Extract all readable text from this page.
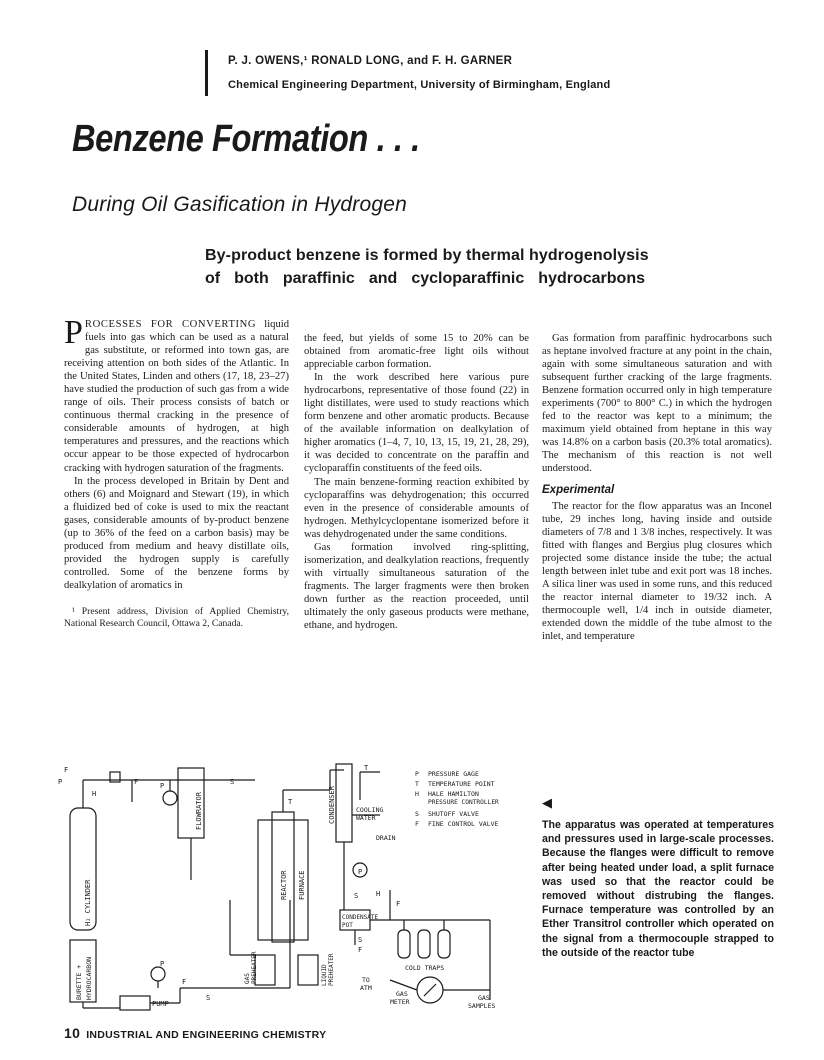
P. J. OWENS,¹ RONALD LONG, and F. H. GARNER
Chemical Engineering Department, University of Birmingham, England
Benzene Formation . . .
During Oil Gasification in Hydrogen
By-product benzene is formed by thermal hydrogenolysis
of both paraffinic and cycloparaffinic hydrocarbons

PROCESSES FOR CONVERTING liquid fuels into gas which can be used as a natural gas substitute, or reformed into town gas, are receiving attention on both sides of the Atlantic. In the United States, Linden and others (17, 18, 23–27) have studied the production of such gas from a wide range of oils. Their process consists of batch or continuous thermal cracking in the presence of considerable amounts of hydrogen, at high temperatures and pressures, and the reactions which occur appear to be those expected of hydrocarbon cracking with hydrogen saturation of the fragments.

In the process developed in Britain by Dent and others (6) and Moignard and Stewart (19), in which a fluidized bed of coke is used to mix the reactant gases, considerable amounts of by-product benzene (up to 36% of the feed on a carbon basis) may be produced from medium and heavy distillate oils, provided the hydrogen supply is carefully controlled. Some of the benzene forms by dealkylation of aromatics in

¹ Present address, Division of Applied Chemistry, National Research Council, Ottawa 2, Canada.

the feed, but yields of some 15 to 20% can be obtained from aromatic-free light oils without appreciable carbon formation.

In the work described here various pure hydrocarbons, representative of those found (22) in light distillates, were used to study reactions which form benzene and other aromatic products. Because of the available information on dealkylation of higher aromatics (1–4, 7, 10, 13, 15, 19, 21, 28, 29), it was decided to concentrate on the paraffin and cycloparaffin constituents of the feed oils.

The main benzene-forming reaction exhibited by cycloparaffins was dehydrogenation; this occurred even in the presence of considerable amounts of hydrogen. Methylcyclopentane isomerized before it was dehydrogenated under the same conditions.

Gas formation involved ring-splitting, isomerization, and dealkylation reactions, frequently with virtually simultaneous saturation of the fragments. The larger fragments were then broken down further as the reaction proceeded, until ultimately the only gaseous products were methane, ethane, and hydrogen.

Gas formation from paraffinic hydrocarbons such as heptane involved fracture at any point in the chain, again with some simultaneous saturation and with subsequent further cracking of the large fragments. Benzene formation occurred only in high temperature experiments (700° to 800° C.) in which the hydrogen fed to the reactor was kept to a minimum; the maximum yield obtained from heptane in this way was 14.8% on a carbon basis (20.3% total aromatics). The mechanism of this reaction is not well understood.

Experimental

The reactor for the flow apparatus was an Inconel tube, 29 inches long, having inside and outside diameters of 7/8 and 1 3/8 inches, respectively. It was fitted with flanges and Bergius plug closures which projected some distance inside the tube; the actual length between inlet tube and exit port was 18 inches. A silica liner was used in some runs, and this reduced the reactor internal diameter to 19/32 inch. A thermocouple well, 1/4 inch in outside diameter, extended down the middle of the tube almost to the inlet, and temperature

F
P
H
F	P	S
FLOWRATOR
H₂ CYLINDER
BURETTE + HYDROCARBON
PUMP
P
F
S
REACTOR FURNACE
GAS PREHEATER	LIQUID PREHEATER
T	CONDENSER
T
COOLING
WATER
DRAIN
P
H
F
S
CONDENSATE
POT
S
F
COLD TRAPS
TO
ATM
GAS
METER	GAS
SAMPLES
P PRESSURE GAGE
T TEMPERATURE POINT
H HALE HAMILTON
PRESSURE CONTROLLER
S SHUTOFF VALVE
F FINE CONTROL VALVE
◀
The apparatus was operated at temperatures and pressures used in large-scale processes. Because the flanges were difficult to remove after being heated under load, a split furnace was used so that the reactor could be removed without distrubing the flanges. Furnace temperature was controlled by an Ether Transitrol controller which operated on the signal from a thermocouple strapped to the outside of the reactor tube
10 INDUSTRIAL AND ENGINEERING CHEMISTRY
